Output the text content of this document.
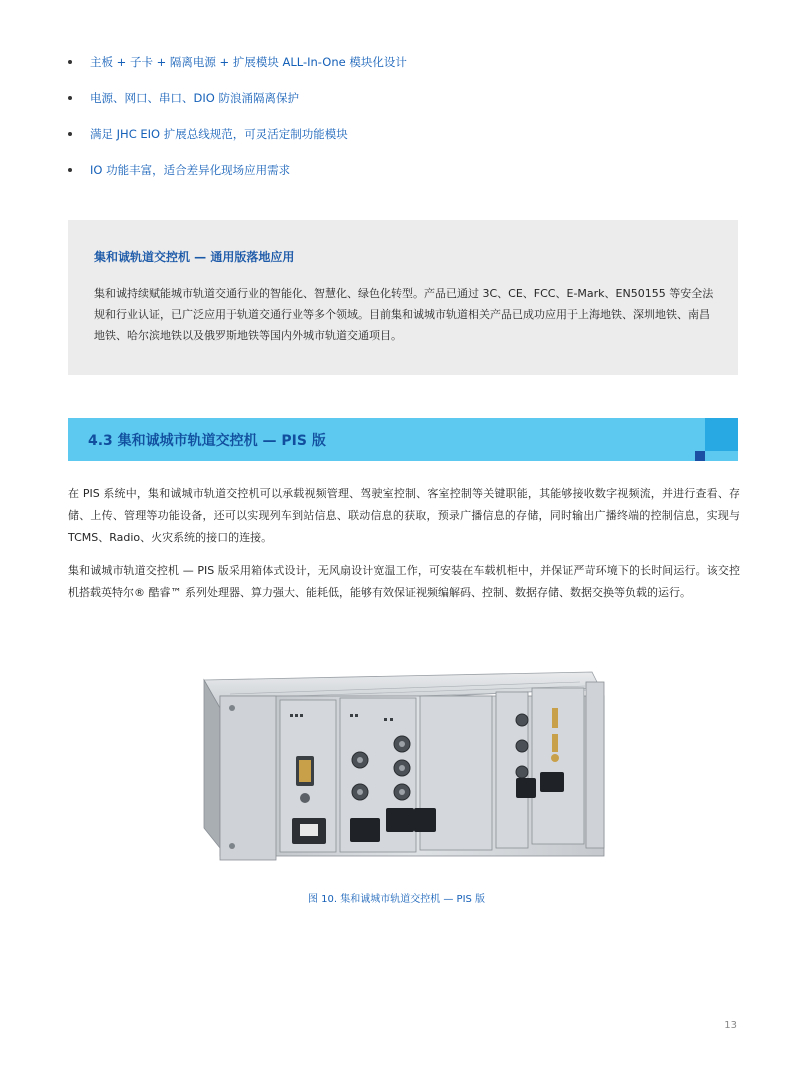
主板 + 子卡 + 隔离电源 + 扩展模块 ALL-In-One 模块化设计
电源、网口、串口、DIO 防浪涌隔离保护
满足 JHC EIO 扩展总线规范，可灵活定制功能模块
IO 功能丰富，适合差异化现场应用需求
集和诚轨道交控机 — 通用版落地应用
集和诚持续赋能城市轨道交通行业的智能化、智慧化、绿色化转型。产品已通过 3C、CE、FCC、E-Mark、EN50155 等安全法规和行业认证，已广泛应用于轨道交通行业等多个领域。目前集和诚城市轨道相关产品已成功应用于上海地铁、深圳地铁、南昌地铁、哈尔滨地铁以及俄罗斯地铁等国内外城市轨道交通项目。
4.3 集和诚城市轨道交控机 — PIS 版
在 PIS 系统中，集和诚城市轨道交控机可以承载视频管理、驾驶室控制、客室控制等关键职能，其能够接收数字视频流，并进行查看、存储、上传、管理等功能设备，还可以实现列车到站信息、联动信息的获取，预录广播信息的存储，同时输出广播终端的控制信息，实现与 TCMS、Radio、火灾系统的接口的连接。
集和诚城市轨道交控机 — PIS 版采用箱体式设计，无风扇设计宽温工作，可安装在车载机柜中，并保证严苛环境下的长时间运行。该交控机搭载英特尔® 酷睿™ 系列处理器、算力强大、能耗低，能够有效保证视频编解码、控制、数据存储、数据交换等负载的运行。
图 10. 集和诚城市轨道交控机 — PIS 版
13
